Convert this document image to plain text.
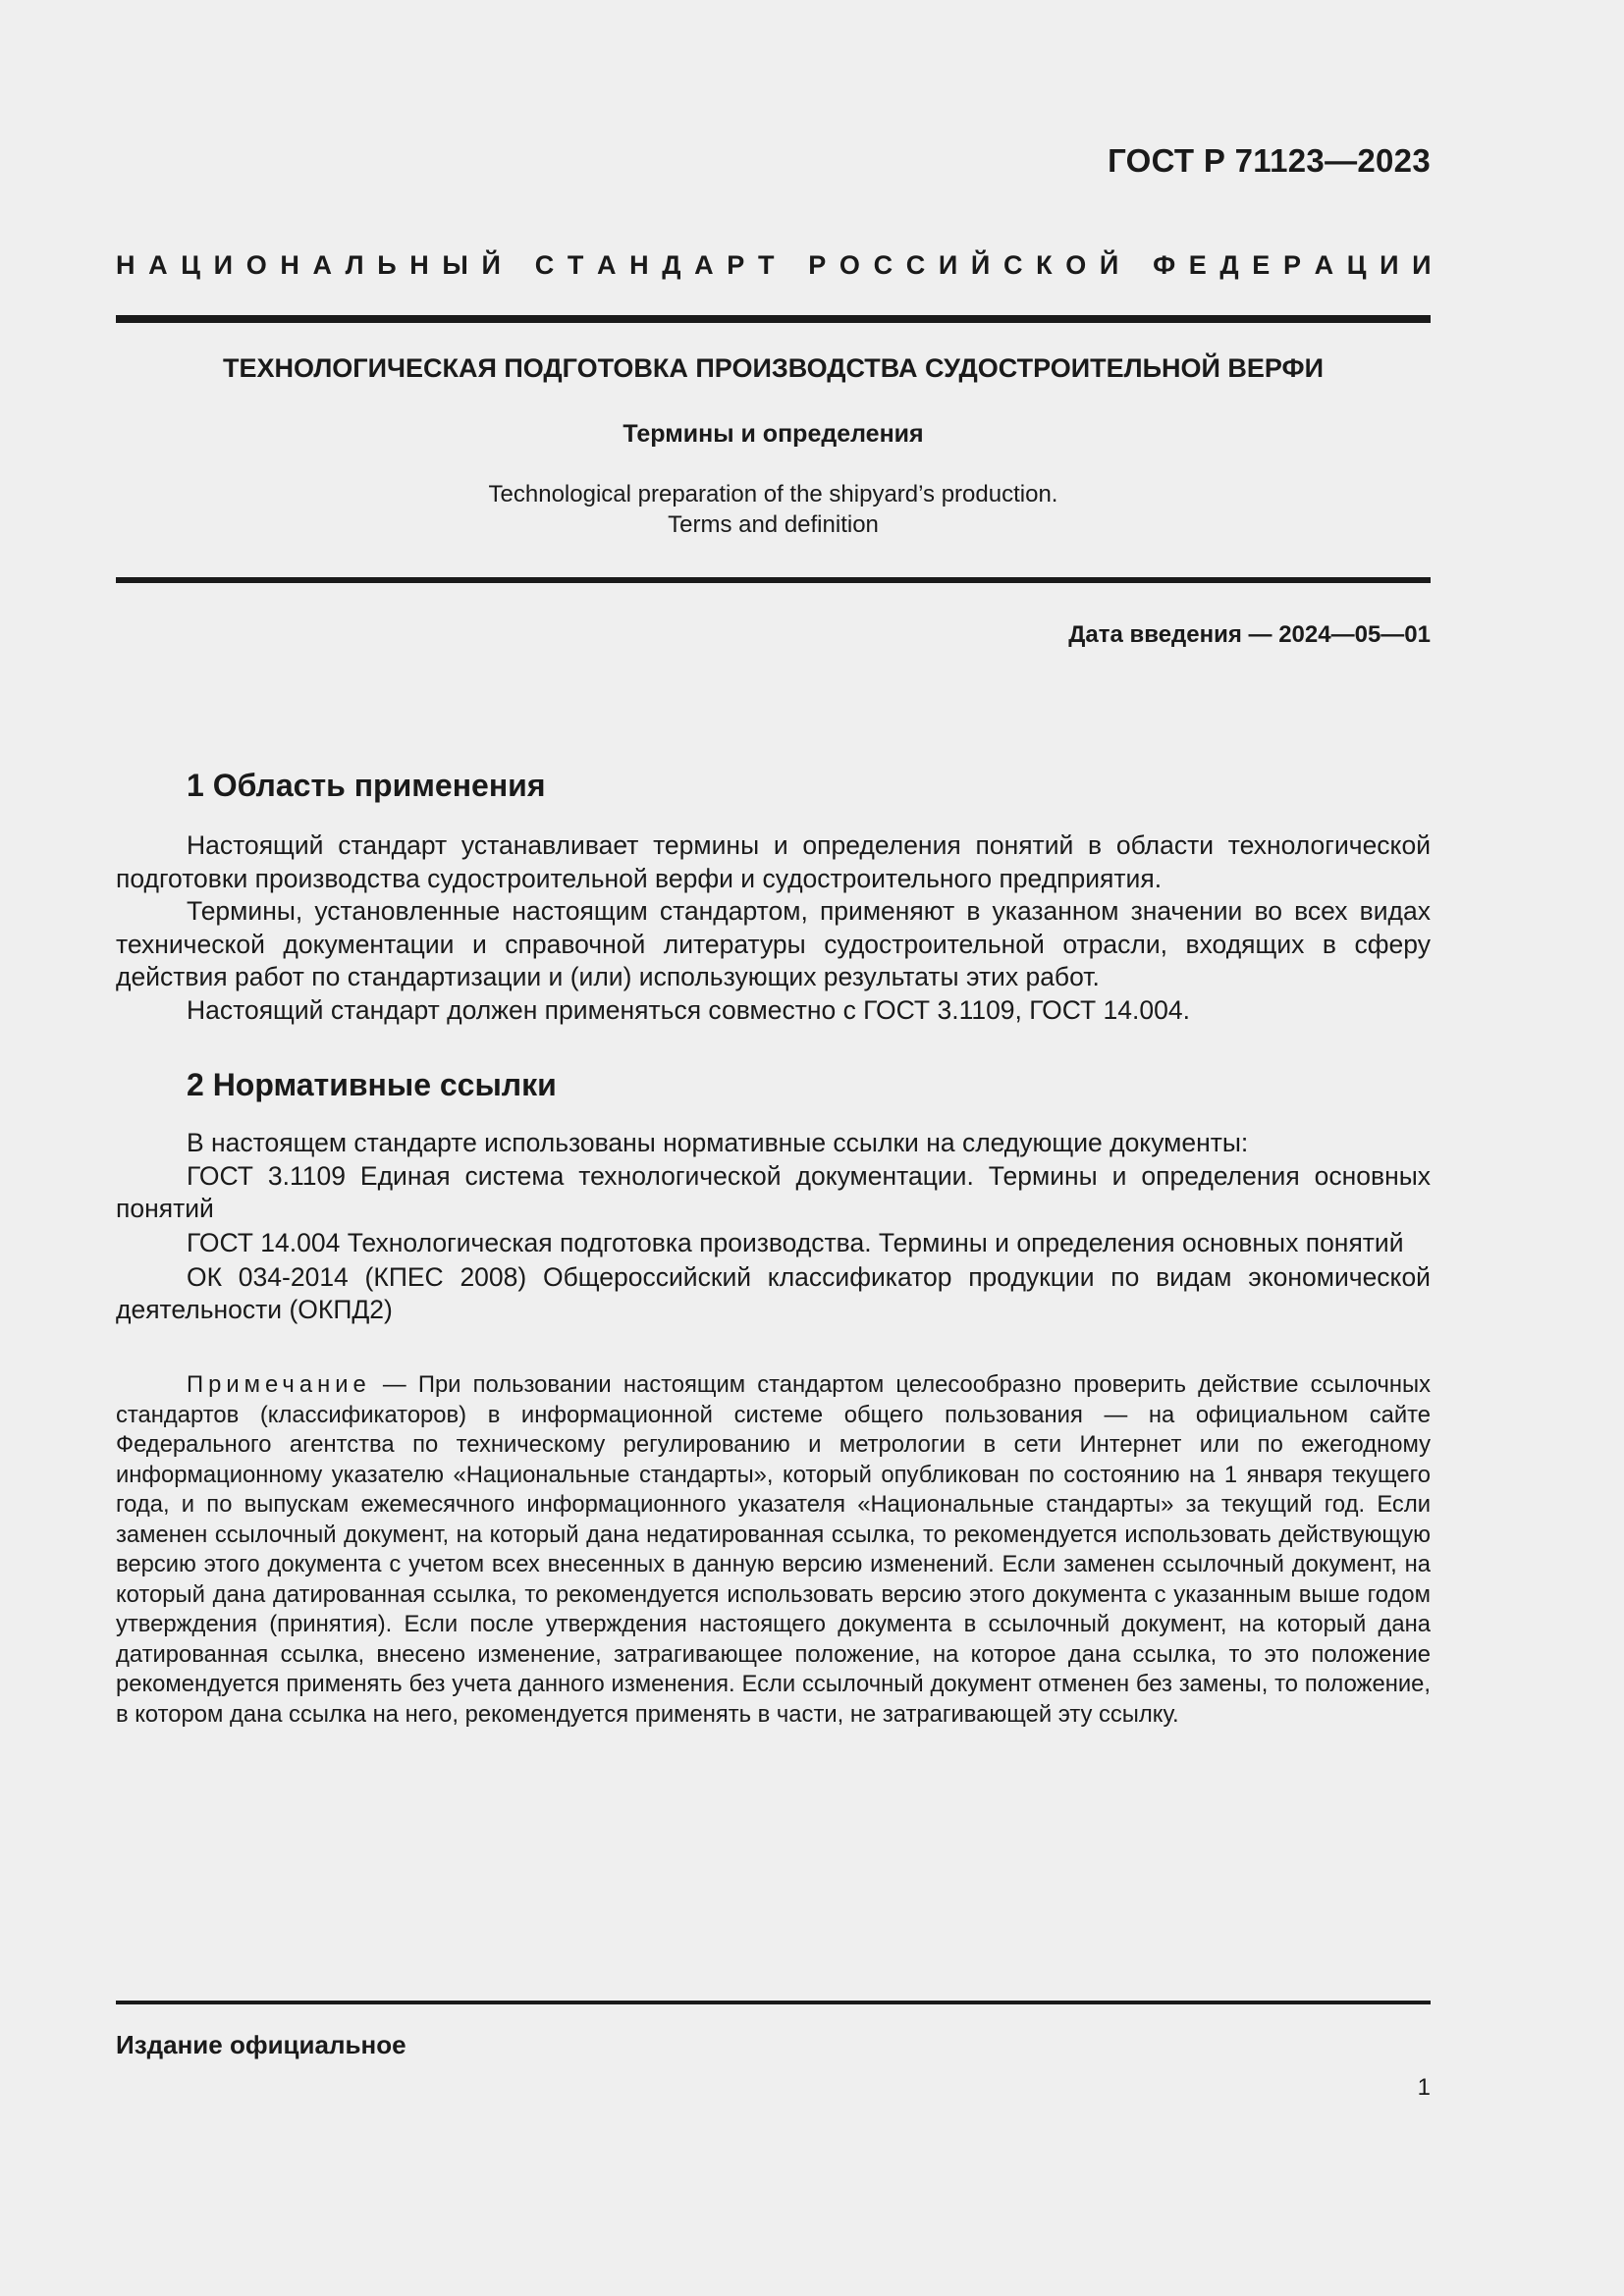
ГОСТ Р 71123—2023
Н А Ц И О Н А Л Ь Н Ы Й
С Т А Н Д А Р Т
Р О С С И Й С К О Й
Ф Е Д Е Р А Ц И И
ТЕХНОЛОГИЧЕСКАЯ ПОДГОТОВКА ПРОИЗВОДСТВА СУДОСТРОИТЕЛЬНОЙ ВЕРФИ
Термины и определения
Technological preparation of the shipyard’s production.
Terms and definition
Дата введения — 2024—05—01
1 Область применения

Настоящий стандарт устанавливает термины и определения понятий в области технологической подготовки производства судостроительной верфи и судостроительного предприятия.

Термины, установленные настоящим стандартом, применяют в указанном значении во всех видах технической документации и справочной литературы судостроительной отрасли, входящих в сферу действия работ по стандартизации и (или) использующих результаты этих работ.

Настоящий стандарт должен применяться совместно с ГОСТ 3.1109, ГОСТ 14.004.

2 Нормативные ссылки

В настоящем стандарте использованы нормативные ссылки на следующие документы:

ГОСТ 3.1109 Единая система технологической документации. Термины и определения основных понятий

ГОСТ 14.004 Технологическая подготовка производства. Термины и определения основных понятий

ОК 034-2014 (КПЕС 2008) Общероссийский классификатор продукции по видам экономической деятельности (ОКПД2)

Примечание — При пользовании настоящим стандартом целесообразно проверить действие ссылочных стандартов (классификаторов) в информационной системе общего пользования — на официальном сайте Федерального агентства по техническому регулированию и метрологии в сети Интернет или по ежегодному информационному указателю «Национальные стандарты», который опубликован по состоянию на 1 января текущего года, и по выпускам ежемесячного информационного указателя «Национальные стандарты» за текущий год. Если заменен ссылочный документ, на который дана недатированная ссылка, то рекомендуется использовать действующую версию этого документа с учетом всех внесенных в данную версию изменений. Если заменен ссылочный документ, на который дана датированная ссылка, то рекомендуется использовать версию этого документа с указанным выше годом утверждения (принятия). Если после утверждения настоящего документа в ссылочный документ, на который дана датированная ссылка, внесено изменение, затрагивающее положение, на которое дана ссылка, то это положение рекомендуется применять без учета данного изменения. Если ссылочный документ отменен без замены, то положение, в котором дана ссылка на него, рекомендуется применять в части, не затрагивающей эту ссылку.
Издание официальное
1
